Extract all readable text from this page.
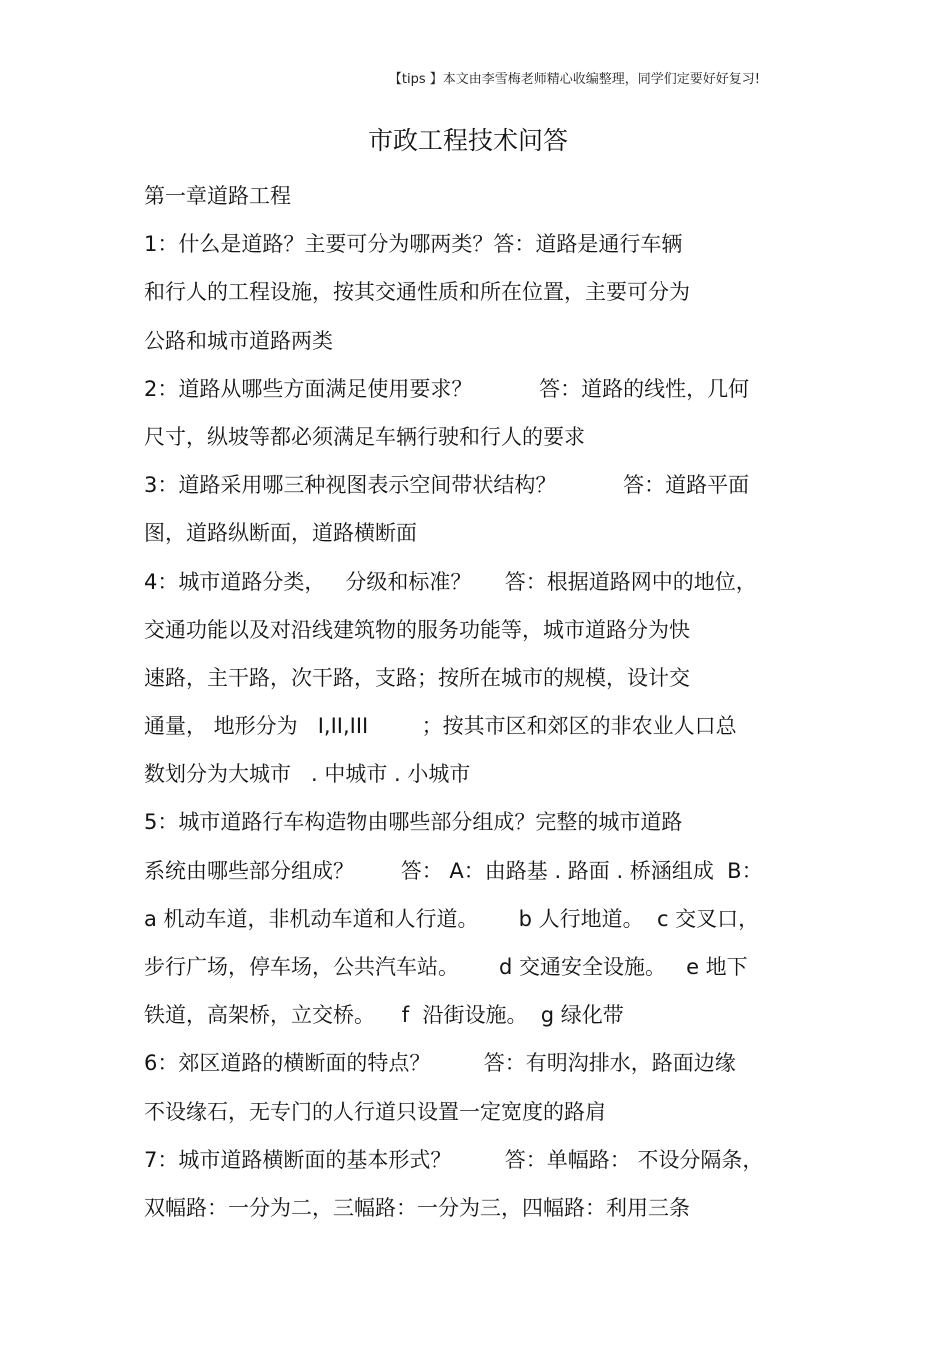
【tips 】本文由李雪梅老师精心收编整理，同学们定要好好复习!
市政工程技术问答
第一章道路工程
1：什么是道路？主要可分为哪两类？答：道路是通行车辆
和行人的工程设施，按其交通性质和所在位置，主要可分为
公路和城市道路两类
2：道路从哪些方面满足使用要求？          答：道路的线性，几何
尺寸，纵坡等都必须满足车辆行驶和行人的要求
3：道路采用哪三种视图表示空间带状结构？          答：道路平面
图，道路纵断面，道路横断面
4：城市道路分类，   分级和标准？     答：根据道路网中的地位，
交通功能以及对沿线建筑物的服务功能等，城市道路分为快
速路，主干路，次干路，支路；按所在城市的规模，设计交
通量， 地形分为   I,II,III        ；按其市区和郊区的非农业人口总
数划分为大城市   . 中城市 . 小城市
5：城市道路行车构造物由哪些部分组成？完整的城市道路
系统由哪些部分组成？       答： A：由路基 . 路面 . 桥涵组成  B：
a 机动车道，非机动车道和人行道。      b 人行地道。  c 交叉口，
步行广场，停车场，公共汽车站。      d 交通安全设施。   e 地下
铁道，高架桥，立交桥。    f  沿街设施。  g 绿化带
6：郊区道路的横断面的特点？        答：有明沟排水，路面边缘
不设缘石，无专门的人行道只设置一定宽度的路肩
7：城市道路横断面的基本形式？        答：单幅路： 不设分隔条，
双幅路：一分为二，三幅路：一分为三，四幅路：利用三条
